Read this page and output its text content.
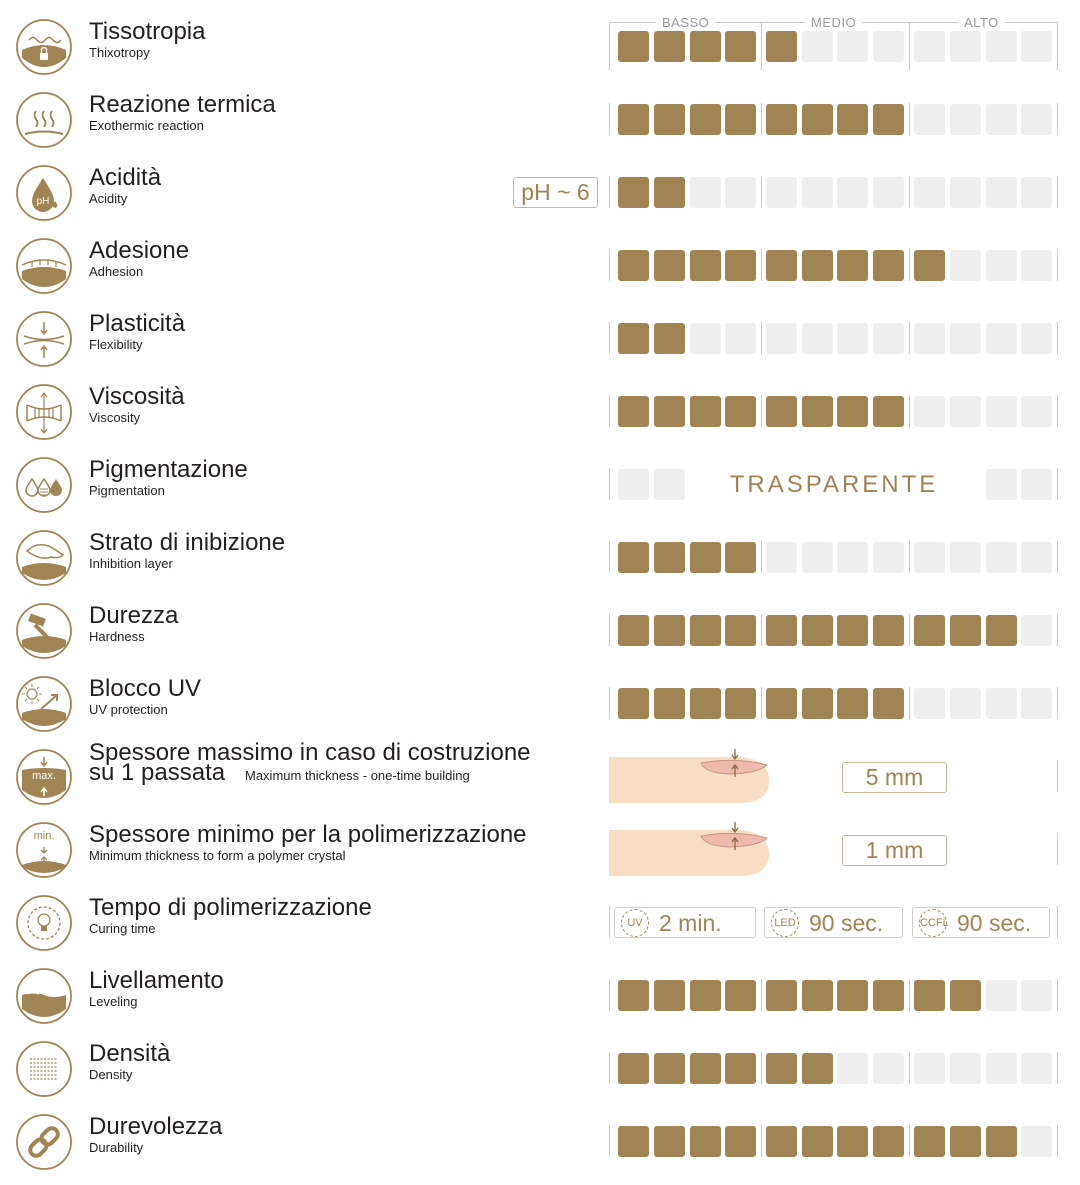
BASSO	MEDIO	ALTO
Tissotropia
Thixotropy
Reazione termica
Exothermic reaction
pH
Acidità
Acidity	pH ~ 6
Adesione
Adhesion
Plasticità
Flexibility
Viscosità
Viscosity
Pigmentazione
Pigmentation	TRASPARENTE
Strato di inibizione
Inhibition layer
Durezza
Hardness
Blocco UV
UV protection
max.
Spessore massimo in caso di costruzione
Maximum thickness - one-time building
su 1 passata	5 mm
min. Spessore minimo per la polimerizzazione
Minimum thickness to form a polymer crystal	1 mm
Tempo di polimerizzazione
Curing time	UV 2 min.	LED 90 sec.	CCFL 90 sec.
Livellamento
Leveling
Densità
Density
Durevolezza
Durability
